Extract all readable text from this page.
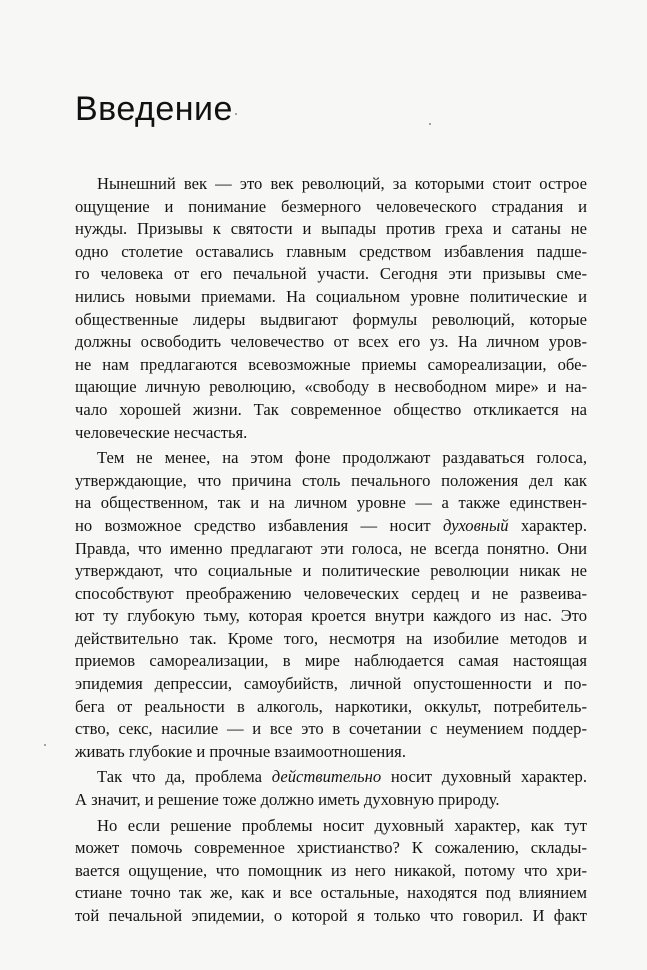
Введение

Нынешний век — это век революций, за которыми стоит острое
ощущение и понимание безмерного человеческого страдания и
нужды. Призывы к святости и выпады против греха и сатаны не
одно столетие оставались главным средством избавления падше-
го человека от его печальной участи. Сегодня эти призывы сме-
нились новыми приемами. На социальном уровне политические и
общественные лидеры выдвигают формулы революций, которые
должны освободить человечество от всех его уз. На личном уров-
не нам предлагаются всевозможные приемы самореализации, обе-
щающие личную революцию, «свободу в несвободном мире» и на-
чало хорошей жизни. Так современное общество откликается на
человеческие несчастья.

Тем не менее, на этом фоне продолжают раздаваться голоса,
утверждающие, что причина столь печального положения дел как
на общественном, так и на личном уровне — а также единствен-
но возможное средство избавления — носит духовный характер.
Правда, что именно предлагают эти голоса, не всегда понятно. Они
утверждают, что социальные и политические революции никак не
способствуют преображению человеческих сердец и не развеива-
ют ту глубокую тьму, которая кроется внутри каждого из нас. Это
действительно так. Кроме того, несмотря на изобилие методов и
приемов самореализации, в мире наблюдается самая настоящая
эпидемия депрессии, самоубийств, личной опустошенности и по-
бега от реальности в алкоголь, наркотики, оккульт, потребитель-
ство, секс, насилие — и все это в сочетании с неумением поддер-
живать глубокие и прочные взаимоотношения.

Так что да, проблема действительно носит духовный характер.
А значит, и решение тоже должно иметь духовную природу.

Но если решение проблемы носит духовный характер, как тут
может помочь современное христианство? К сожалению, склады-
вается ощущение, что помощник из него никакой, потому что хри-
стиане точно так же, как и все остальные, находятся под влиянием
той печальной эпидемии, о которой я только что говорил. И факт
